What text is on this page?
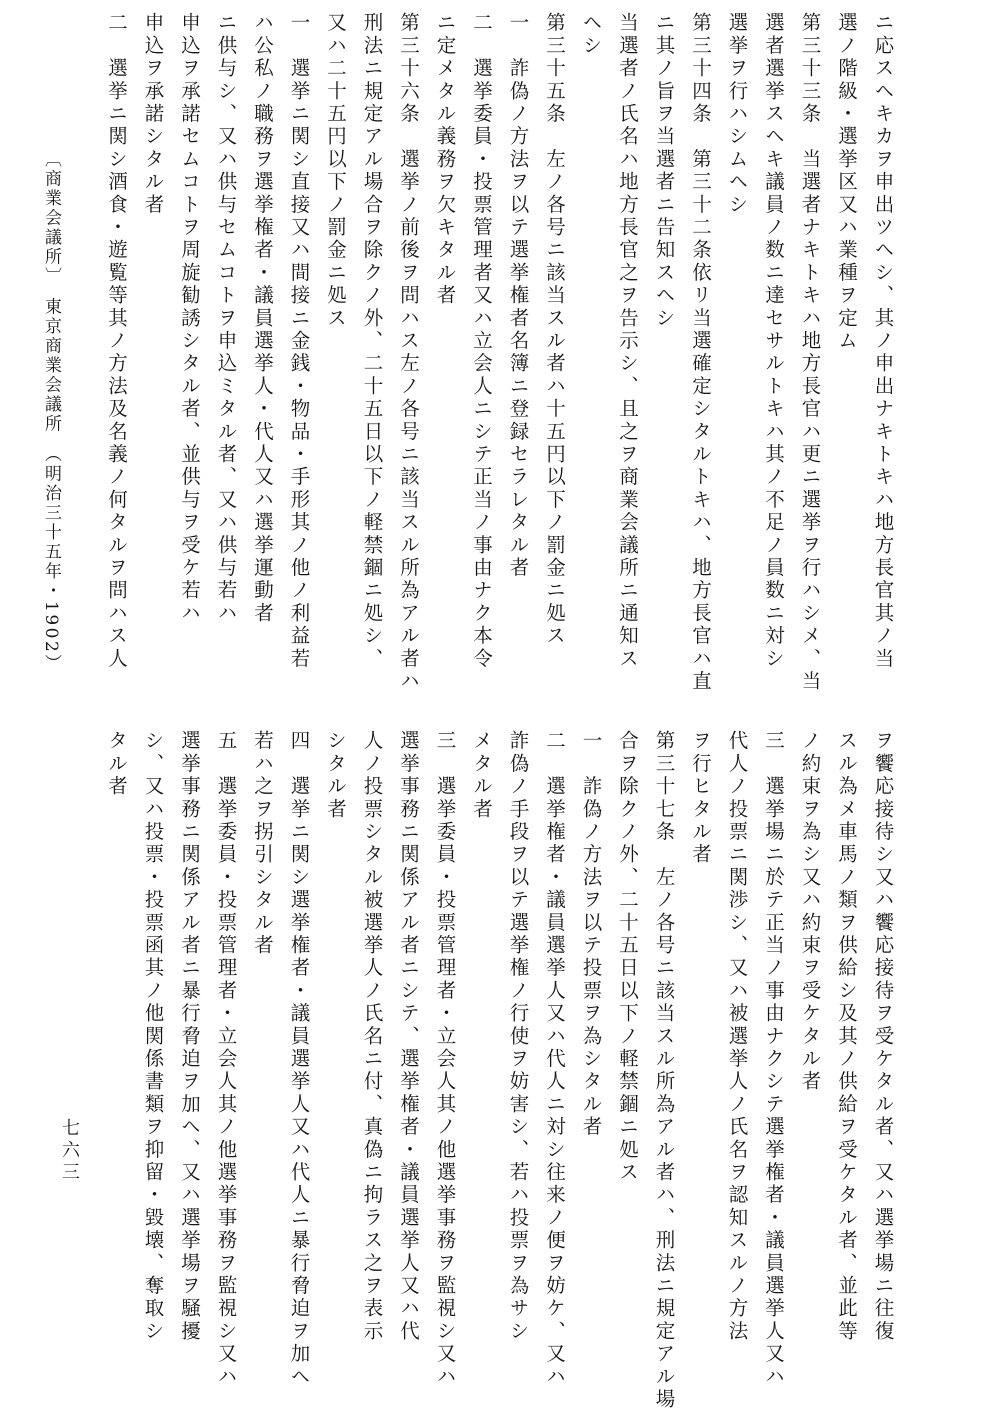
ニ応スヘキカヲ申出ツヘシ、其ノ申出ナキトキハ地方長官其ノ当
選ノ階級・選挙区又ハ業種ヲ定ム
第三十三条　当選者ナキトキハ地方長官ハ更ニ選挙ヲ行ハシメ、当
選者選挙スヘキ議員ノ数ニ達セサルトキハ其ノ不足ノ員数ニ対シ
選挙ヲ行ハシムヘシ
第三十四条　第三十二条依リ当選確定シタルトキハ、地方長官ハ直
ニ其ノ旨ヲ当選者ニ告知スヘシ
当選者ノ氏名ハ地方長官之ヲ告示シ、且之ヲ商業会議所ニ通知ス
ヘシ
第三十五条　左ノ各号ニ該当スル者ハ十五円以下ノ罰金ニ処ス
一　詐偽ノ方法ヲ以テ選挙権者名簿ニ登録セラレタル者
二　選挙委員・投票管理者又ハ立会人ニシテ正当ノ事由ナク本令
ニ定メタル義務ヲ欠キタル者
第三十六条　選挙ノ前後ヲ問ハス左ノ各号ニ該当スル所為アル者ハ
刑法ニ規定アル場合ヲ除クノ外、二十五日以下ノ軽禁錮ニ処シ、
又ハ二十五円以下ノ罰金ニ処ス
一　選挙ニ関シ直接又ハ間接ニ金銭・物品・手形其ノ他ノ利益若
ハ公私ノ職務ヲ選挙権者・議員選挙人・代人又ハ選挙運動者
ニ供与シ、又ハ供与セムコトヲ申込ミタル者、又ハ供与若ハ
申込ヲ承諾セムコトヲ周旋勧誘シタル者、並供与ヲ受ケ若ハ
申込ヲ承諾シタル者
二　選挙ニ関シ酒食・遊覧等其ノ方法及名義ノ何タルヲ問ハス人
ヲ饗応接待シ又ハ饗応接待ヲ受ケタル者、又ハ選挙場ニ往復
スル為メ車馬ノ類ヲ供給シ及其ノ供給ヲ受ケタル者、並此等
ノ約束ヲ為シ又ハ約束ヲ受ケタル者
三　選挙場ニ於テ正当ノ事由ナクシテ選挙権者・議員選挙人又ハ
代人ノ投票ニ関渉シ、又ハ被選挙人ノ氏名ヲ認知スルノ方法
ヲ行ヒタル者
第三十七条　左ノ各号ニ該当スル所為アル者ハ、刑法ニ規定アル場
合ヲ除クノ外、二十五日以下ノ軽禁錮ニ処ス
一　詐偽ノ方法ヲ以テ投票ヲ為シタル者
二　選挙権者・議員選挙人又ハ代人ニ対シ往来ノ便ヲ妨ケ、又ハ
詐偽ノ手段ヲ以テ選挙権ノ行使ヲ妨害シ、若ハ投票ヲ為サシ
メタル者
三　選挙委員・投票管理者・立会人其ノ他選挙事務ヲ監視シ又ハ
選挙事務ニ関係アル者ニシテ、選挙権者・議員選挙人又ハ代
人ノ投票シタル被選挙人ノ氏名ニ付、真偽ニ拘ラス之ヲ表示
シタル者
四　選挙ニ関シ選挙権者・議員選挙人又ハ代人ニ暴行脅迫ヲ加ヘ
若ハ之ヲ拐引シタル者
五　選挙委員・投票管理者・立会人其ノ他選挙事務ヲ監視シ又ハ
選挙事務ニ関係アル者ニ暴行脅迫ヲ加ヘ、又ハ選挙場ヲ騒擾
シ、又ハ投票・投票函其ノ他関係書類ヲ抑留・毀壊、奪取シ
タル者
〔商業会議所〕　東京商業会議所　（明治三十五年・1902）
七六三
